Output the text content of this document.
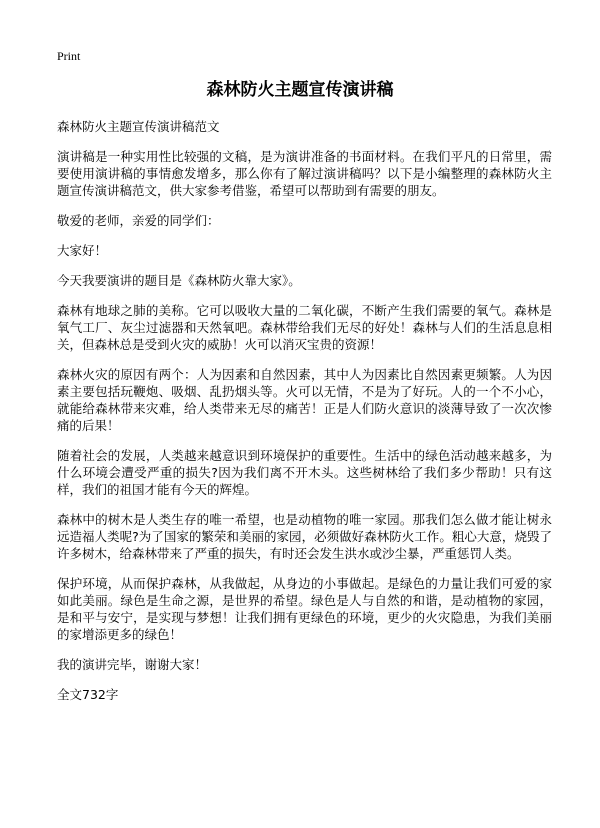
Print
森林防火主题宣传演讲稿

森林防火主题宣传演讲稿范文

演讲稿是一种实用性比较强的文稿，是为演讲准备的书面材料。在我们平凡的日常里，需要使用演讲稿的事情愈发增多，那么你有了解过演讲稿吗？以下是小编整理的森林防火主题宣传演讲稿范文，供大家参考借鉴，希望可以帮助到有需要的朋友。

敬爱的老师，亲爱的同学们：

大家好！

今天我要演讲的题目是《森林防火靠大家》。

森林有地球之肺的美称。它可以吸收大量的二氧化碳，不断产生我们需要的氧气。森林是氧气工厂、灰尘过滤器和天然氧吧。森林带给我们无尽的好处！森林与人们的生活息息相关，但森林总是受到火灾的威胁！火可以消灭宝贵的资源！

森林火灾的原因有两个：人为因素和自然因素，其中人为因素比自然因素更频繁。人为因素主要包括玩鞭炮、吸烟、乱扔烟头等。火可以无情，不是为了好玩。人的一个不小心，就能给森林带来灾难，给人类带来无尽的痛苦！正是人们防火意识的淡薄导致了一次次惨痛的后果！

随着社会的发展，人类越来越意识到环境保护的重要性。生活中的绿色活动越来越多，为什么环境会遭受严重的损失?因为我们离不开木头。这些树林给了我们多少帮助！只有这样，我们的祖国才能有今天的辉煌。

森林中的树木是人类生存的唯一希望，也是动植物的唯一家园。那我们怎么做才能让树永远造福人类呢?为了国家的繁荣和美丽的家园，必须做好森林防火工作。粗心大意，烧毁了许多树木，给森林带来了严重的损失，有时还会发生洪水或沙尘暴，严重惩罚人类。

保护环境，从而保护森林，从我做起，从身边的小事做起。是绿色的力量让我们可爱的家如此美丽。绿色是生命之源，是世界的希望。绿色是人与自然的和谐，是动植物的家园，是和平与安宁，是实现与梦想！让我们拥有更绿色的环境，更少的火灾隐患，为我们美丽的家增添更多的绿色！

我的演讲完毕，谢谢大家！

全文732字
